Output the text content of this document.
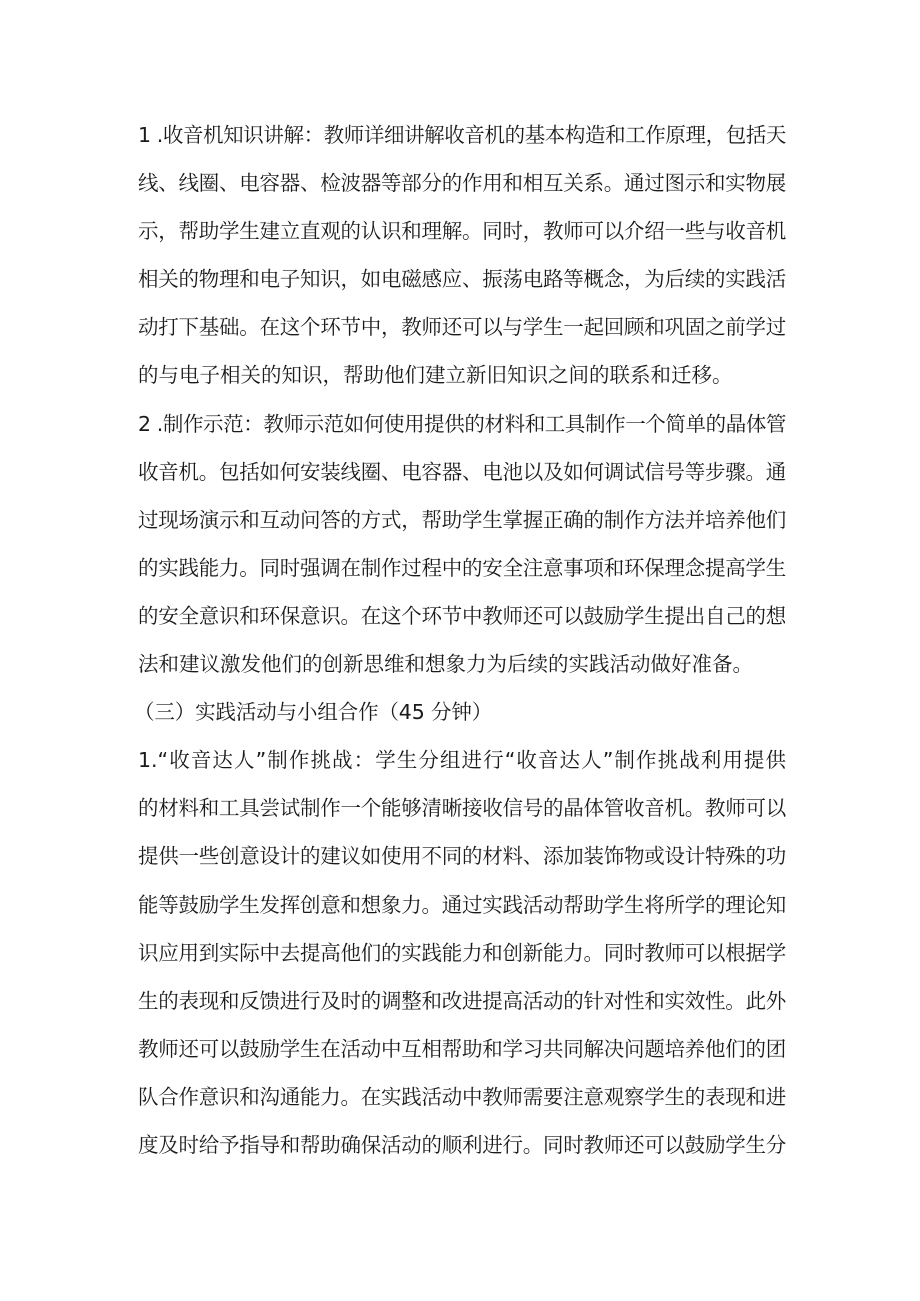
1 .收音机知识讲解：教师详细讲解收音机的基本构造和工作原理，包括天
线、线圈、电容器、检波器等部分的作用和相互关系。通过图示和实物展
示，帮助学生建立直观的认识和理解。同时，教师可以介绍一些与收音机
相关的物理和电子知识，如电磁感应、振荡电路等概念，为后续的实践活
动打下基础。在这个环节中，教师还可以与学生一起回顾和巩固之前学过
的与电子相关的知识，帮助他们建立新旧知识之间的联系和迁移。
2 .制作示范：教师示范如何使用提供的材料和工具制作一个简单的晶体管
收音机。包括如何安装线圈、电容器、电池以及如何调试信号等步骤。通
过现场演示和互动问答的方式，帮助学生掌握正确的制作方法并培养他们
的实践能力。同时强调在制作过程中的安全注意事项和环保理念提高学生
的安全意识和环保意识。在这个环节中教师还可以鼓励学生提出自己的想
法和建议激发他们的创新思维和想象力为后续的实践活动做好准备。
（三）实践活动与小组合作（45 分钟）
1.“收音达人”制作挑战：学生分组进行“收音达人”制作挑战利用提供
的材料和工具尝试制作一个能够清晰接收信号的晶体管收音机。教师可以
提供一些创意设计的建议如使用不同的材料、添加装饰物或设计特殊的功
能等鼓励学生发挥创意和想象力。通过实践活动帮助学生将所学的理论知
识应用到实际中去提高他们的实践能力和创新能力。同时教师可以根据学
生的表现和反馈进行及时的调整和改进提高活动的针对性和实效性。此外
教师还可以鼓励学生在活动中互相帮助和学习共同解决问题培养他们的团
队合作意识和沟通能力。在实践活动中教师需要注意观察学生的表现和进
度及时给予指导和帮助确保活动的顺利进行。同时教师还可以鼓励学生分
